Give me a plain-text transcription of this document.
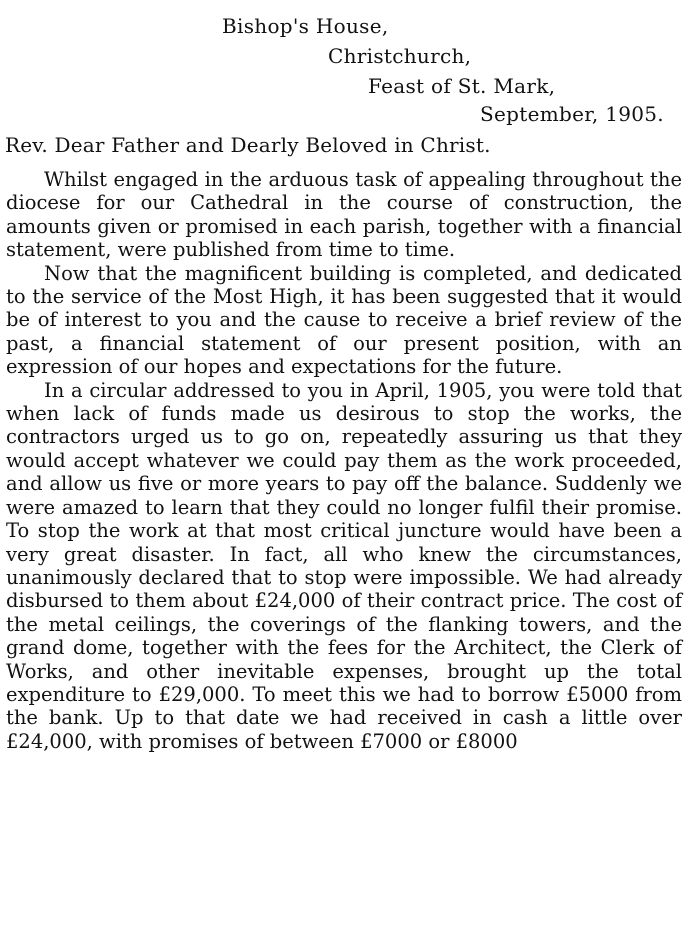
Bishop's House,
Christchurch,
Feast of St. Mark,
September, 1905.
Rev. Dear Father and Dearly Beloved in Christ.

Whilst engaged in the arduous task of appealing throughout the diocese for our Cathedral in the course of construction, the amounts given or promised in each parish, together with a financial statement, were published from time to time.

Now that the magnificent building is completed, and dedicated to the service of the Most High, it has been suggested that it would be of interest to you and the cause to receive a brief review of the past, a financial statement of our present position, with an expression of our hopes and expectations for the future.

In a circular addressed to you in April, 1905, you were told that when lack of funds made us desirous to stop the works, the contractors urged us to go on, repeatedly assuring us that they would accept whatever we could pay them as the work proceeded, and allow us five or more years to pay off the balance. Suddenly we were amazed to learn that they could no longer fulfil their promise. To stop the work at that most critical juncture would have been a very great disaster. In fact, all who knew the circumstances, unanimously declared that to stop were impossible. We had already disbursed to them about £24,000 of their contract price. The cost of the metal ceilings, the coverings of the flanking towers, and the grand dome, together with the fees for the Architect, the Clerk of Works, and other inevitable expenses, brought up the total expenditure to £29,000. To meet this we had to borrow £5000 from the bank. Up to that date we had received in cash a little over £24,000, with promises of between £7000 or £8000
